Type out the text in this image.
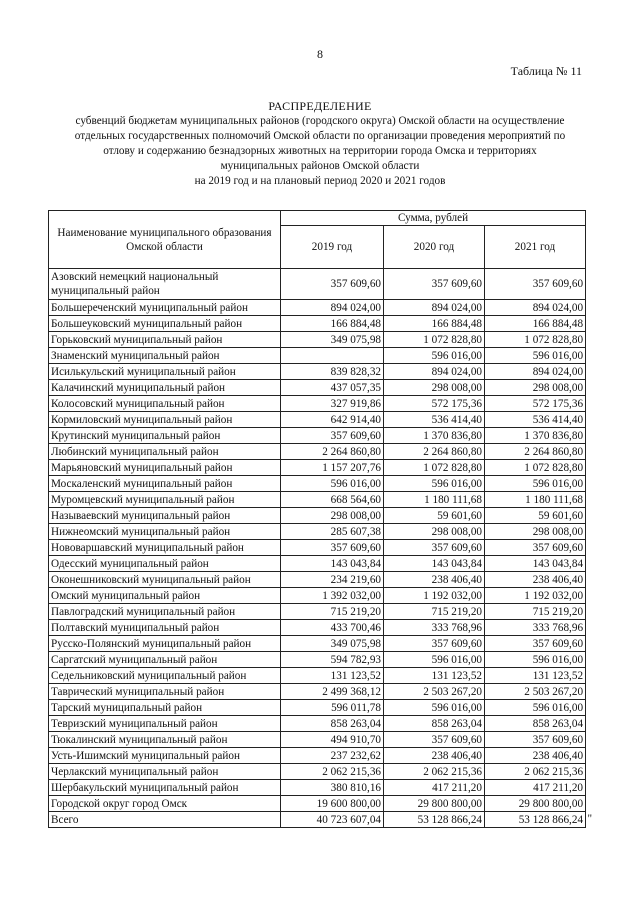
8
Таблица № 11
РАСПРЕДЕЛЕНИЕ
субвенций бюджетам муниципальных районов (городского округа) Омской области на осуществление
отдельных государственных полномочий Омской области по организации проведения мероприятий по
отлову и содержанию безнадзорных животных на территории города Омска и территориях
муниципальных районов Омской области
на 2019 год и на плановый период 2020 и 2021 годов
Наименование муниципального образования Омской области	Сумма, рублей		
	2019 год	2020 год	2021 год
Азовский немецкий национальный муниципальный район	357 609,60	357 609,60	357 609,60
Большереченский муниципальный район	894 024,00	894 024,00	894 024,00
Большеуковский муниципальный район	166 884,48	166 884,48	166 884,48
Горьковский муниципальный район	349 075,98	1 072 828,80	1 072 828,80
Знаменский муниципальный район		596 016,00	596 016,00
Исилькульский муниципальный район	839 828,32	894 024,00	894 024,00
Калачинский муниципальный район	437 057,35	298 008,00	298 008,00
Колосовский муниципальный район	327 919,86	572 175,36	572 175,36
Кормиловский муниципальный район	642 914,40	536 414,40	536 414,40
Крутинский муниципальный район	357 609,60	1 370 836,80	1 370 836,80
Любинский муниципальный район	2 264 860,80	2 264 860,80	2 264 860,80
Марьяновский муниципальный район	1 157 207,76	1 072 828,80	1 072 828,80
Москаленский муниципальный район	596 016,00	596 016,00	596 016,00
Муромцевский муниципальный район	668 564,60	1 180 111,68	1 180 111,68
Называевский муниципальный район	298 008,00	59 601,60	59 601,60
Нижнеомский муниципальный район	285 607,38	298 008,00	298 008,00
Нововаршавский муниципальный район	357 609,60	357 609,60	357 609,60
Одесский муниципальный район	143 043,84	143 043,84	143 043,84
Оконешниковский муниципальный район	234 219,60	238 406,40	238 406,40
Омский муниципальный район	1 392 032,00	1 192 032,00	1 192 032,00
Павлоградский муниципальный район	715 219,20	715 219,20	715 219,20
Полтавский муниципальный район	433 700,46	333 768,96	333 768,96
Русско-Полянский муниципальный район	349 075,98	357 609,60	357 609,60
Саргатский муниципальный район	594 782,93	596 016,00	596 016,00
Седельниковский муниципальный район	131 123,52	131 123,52	131 123,52
Таврический муниципальный район	2 499 368,12	2 503 267,20	2 503 267,20
Тарский муниципальный район	596 011,78	596 016,00	596 016,00
Тевризский муниципальный район	858 263,04	858 263,04	858 263,04
Тюкалинский муниципальный район	494 910,70	357 609,60	357 609,60
Усть-Ишимский муниципальный район	237 232,62	238 406,40	238 406,40
Черлакский муниципальный район	2 062 215,36	2 062 215,36	2 062 215,36
Шербакульский муниципальный район	380 810,16	417 211,20	417 211,20
Городской округ город Омск	19 600 800,00	29 800 800,00	29 800 800,00
Всего	40 723 607,04	53 128 866,24	53 128 866,24 "
